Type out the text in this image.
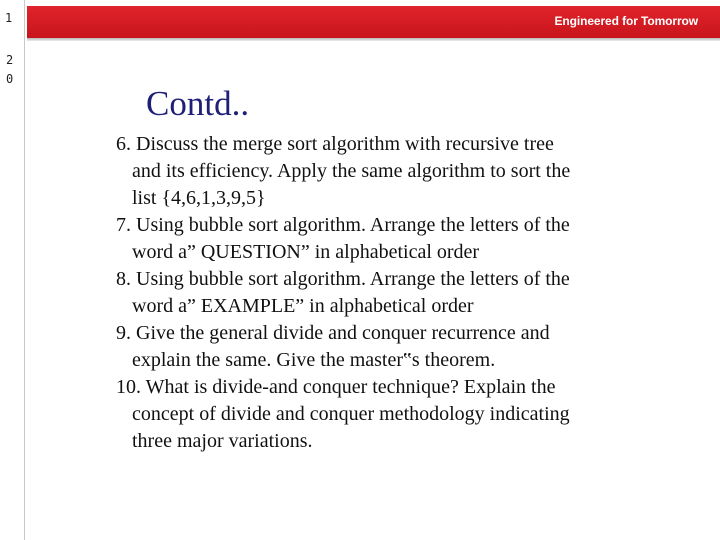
1
2
0
Engineered for Tomorrow
Contd..
6. Discuss the merge sort algorithm with recursive tree
and its efficiency. Apply the same algorithm to sort the
list {4,6,1,3,9,5}
7. Using bubble sort algorithm. Arrange the letters of the
word a” QUESTION” in alphabetical order
8. Using bubble sort algorithm. Arrange the letters of the
word a” EXAMPLE” in alphabetical order
9. Give the general divide and conquer recurrence and
explain the same. Give the master‟s theorem.
10. What is divide-and conquer technique? Explain the
concept of divide and conquer methodology indicating
three major variations.
